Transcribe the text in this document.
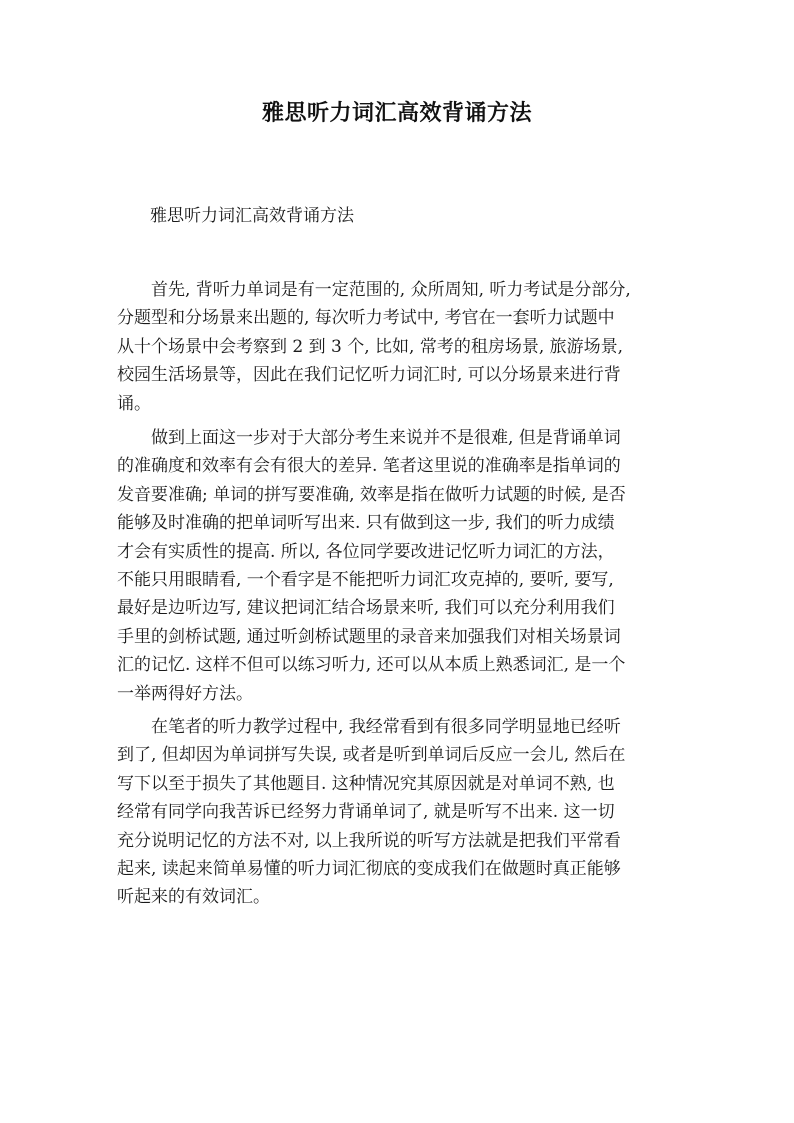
雅思听力词汇高效背诵方法

雅思听力词汇高效背诵方法

　　首先, 背听力单词是有一定范围的, 众所周知, 听力考试是分部分,
分题型和分场景来出题的, 每次听力考试中, 考官在一套听力试题中
从十个场景中会考察到 2 到 3 个, 比如, 常考的租房场景, 旅游场景,
校园生活场景等，因此在我们记忆听力词汇时, 可以分场景来进行背
诵。

　　做到上面这一步对于大部分考生来说并不是很难, 但是背诵单词
的准确度和效率有会有很大的差异. 笔者这里说的准确率是指单词的
发音要准确; 单词的拼写要准确, 效率是指在做听力试题的时候, 是否
能够及时准确的把单词听写出来. 只有做到这一步, 我们的听力成绩
才会有实质性的提高. 所以, 各位同学要改进记忆听力词汇的方法，
不能只用眼睛看, 一个看字是不能把听力词汇攻克掉的, 要听, 要写,
最好是边听边写, 建议把词汇结合场景来听, 我们可以充分利用我们
手里的剑桥试题, 通过听剑桥试题里的录音来加强我们对相关场景词
汇的记忆. 这样不但可以练习听力, 还可以从本质上熟悉词汇, 是一个
一举两得好方法。

　　在笔者的听力教学过程中, 我经常看到有很多同学明显地已经听
到了, 但却因为单词拼写失误, 或者是听到单词后反应一会儿, 然后在
写下以至于损失了其他题目. 这种情况究其原因就是对单词不熟, 也
经常有同学向我苦诉已经努力背诵单词了, 就是听写不出来. 这一切
充分说明记忆的方法不对, 以上我所说的听写方法就是把我们平常看
起来, 读起来简单易懂的听力词汇彻底的变成我们在做题时真正能够
听起来的有效词汇。
